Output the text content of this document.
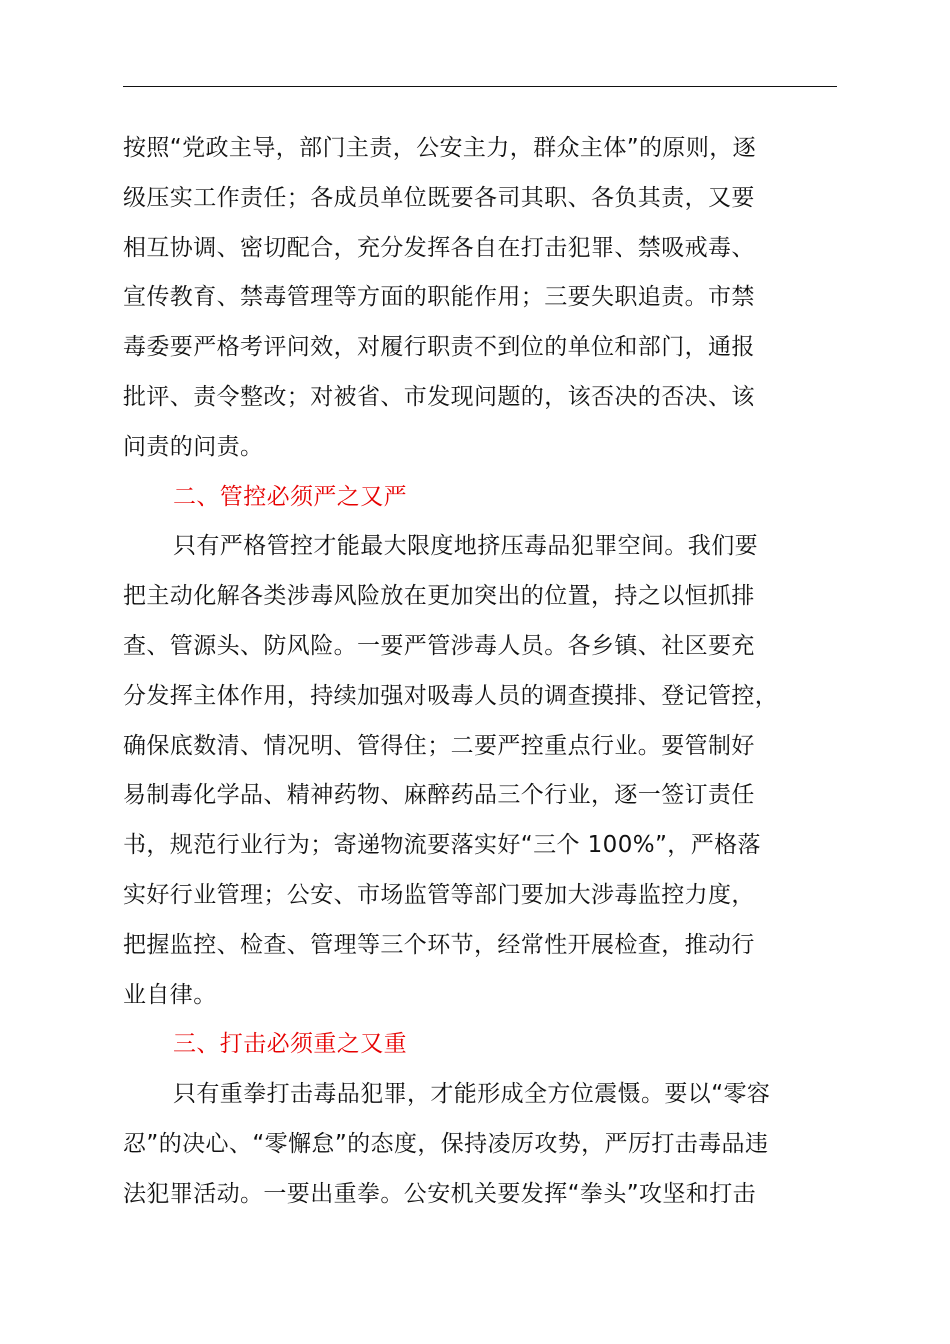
按照“党政主导，部门主责，公安主力，群众主体”的原则，逐
级压实工作责任；各成员单位既要各司其职、各负其责，又要
相互协调、密切配合，充分发挥各自在打击犯罪、禁吸戒毒、
宣传教育、禁毒管理等方面的职能作用；三要失职追责。市禁
毒委要严格考评问效，对履行职责不到位的单位和部门，通报
批评、责令整改；对被省、市发现问题的，该否决的否决、该
问责的问责。
二、管控必须严之又严
只有严格管控才能最大限度地挤压毒品犯罪空间。我们要
把主动化解各类涉毒风险放在更加突出的位置，持之以恒抓排
查、管源头、防风险。一要严管涉毒人员。各乡镇、社区要充
分发挥主体作用，持续加强对吸毒人员的调查摸排、登记管控，
确保底数清、情况明、管得住；二要严控重点行业。要管制好
易制毒化学品、精神药物、麻醉药品三个行业，逐一签订责任
书，规范行业行为；寄递物流要落实好“三个 100%”，严格落
实好行业管理；公安、市场监管等部门要加大涉毒监控力度，
把握监控、检查、管理等三个环节，经常性开展检查，推动行
业自律。
三、打击必须重之又重
只有重拳打击毒品犯罪，才能形成全方位震慑。要以“零容
忍”的决心、“零懈怠”的态度，保持凌厉攻势，严厉打击毒品违
法犯罪活动。一要出重拳。公安机关要发挥“拳头”攻坚和打击
